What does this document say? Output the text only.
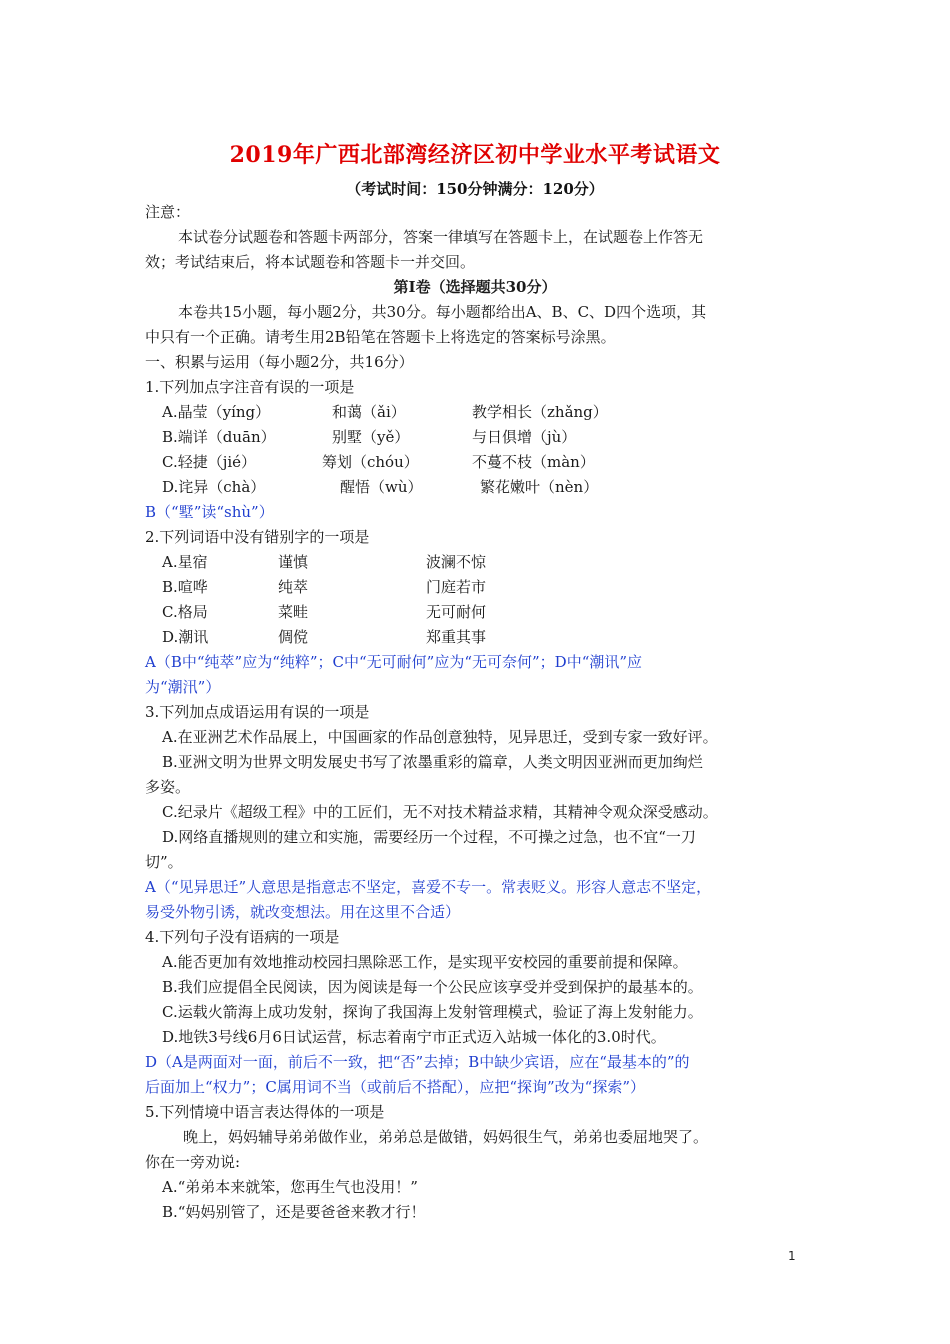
2019年广西北部湾经济区初中学业水平考试语文
（考试时间：150分钟满分：120分）
注意：
本试卷分试题卷和答题卡两部分，答案一律填写在答题卡上，在试题卷上作答无
效；考试结束后，将本试题卷和答题卡一并交回。
第Ⅰ卷（选择题共30分）
本卷共15小题，每小题2分，共30分。每小题都给出A、B、C、D四个选项，其
中只有一个正确。请考生用2B铅笔在答题卡上将选定的答案标号涂黑。
一、积累与运用（每小题2分，共16分）
1.下列加点字注音有误的一项是
A.晶莹（yíng）	和蔼（ǎi）	教学相长（zhǎng）
B.端详（duān）	别墅（yě）	与日俱增（jù）
C.轻捷（jié）	筹划（chóu）	不蔓不枝（màn）
D.诧异（chà）	醒悟（wù）	繁花嫩叶（nèn）
B（“墅”读“shù”）
2.下列词语中没有错别字的一项是
A.星宿	谨慎	波澜不惊
B.喧哗	纯萃	门庭若市
C.格局	菜畦	无可耐何
D.潮讯	倜傥	郑重其事
A（B中“纯萃”应为“纯粹”；C中“无可耐何”应为“无可奈何”；D中“潮讯”应
为“潮汛”）
3.下列加点成语运用有误的一项是
A.在亚洲艺术作品展上，中国画家的作品创意独特，见异思迁，受到专家一致好评。
B.亚洲文明为世界文明发展史书写了浓墨重彩的篇章，人类文明因亚洲而更加绚烂
多姿。
C.纪录片《超级工程》中的工匠们，无不对技术精益求精，其精神令观众深受感动。
D.网络直播规则的建立和实施，需要经历一个过程，不可操之过急，也不宜“一刀
切”。
A（“见异思迁”人意思是指意志不坚定，喜爱不专一。常表贬义。形容人意志不坚定，
易受外物引诱，就改变想法。用在这里不合适）
4.下列句子没有语病的一项是
A.能否更加有效地推动校园扫黑除恶工作，是实现平安校园的重要前提和保障。
B.我们应提倡全民阅读，因为阅读是每一个公民应该享受并受到保护的最基本的。
C.运载火箭海上成功发射，探询了我国海上发射管理模式，验证了海上发射能力。
D.地铁3号线6月6日试运营，标志着南宁市正式迈入站城一体化的3.0时代。
D（A是两面对一面，前后不一致，把“否”去掉；B中缺少宾语，应在“最基本的”的
后面加上“权力”；C属用词不当（或前后不搭配），应把“探询”改为“探索”）
5.下列情境中语言表达得体的一项是
晚上，妈妈辅导弟弟做作业，弟弟总是做错，妈妈很生气，弟弟也委屈地哭了。
你在一旁劝说:
A.“弟弟本来就笨，您再生气也没用！”
B.“妈妈别管了，还是要爸爸来教才行！
1
